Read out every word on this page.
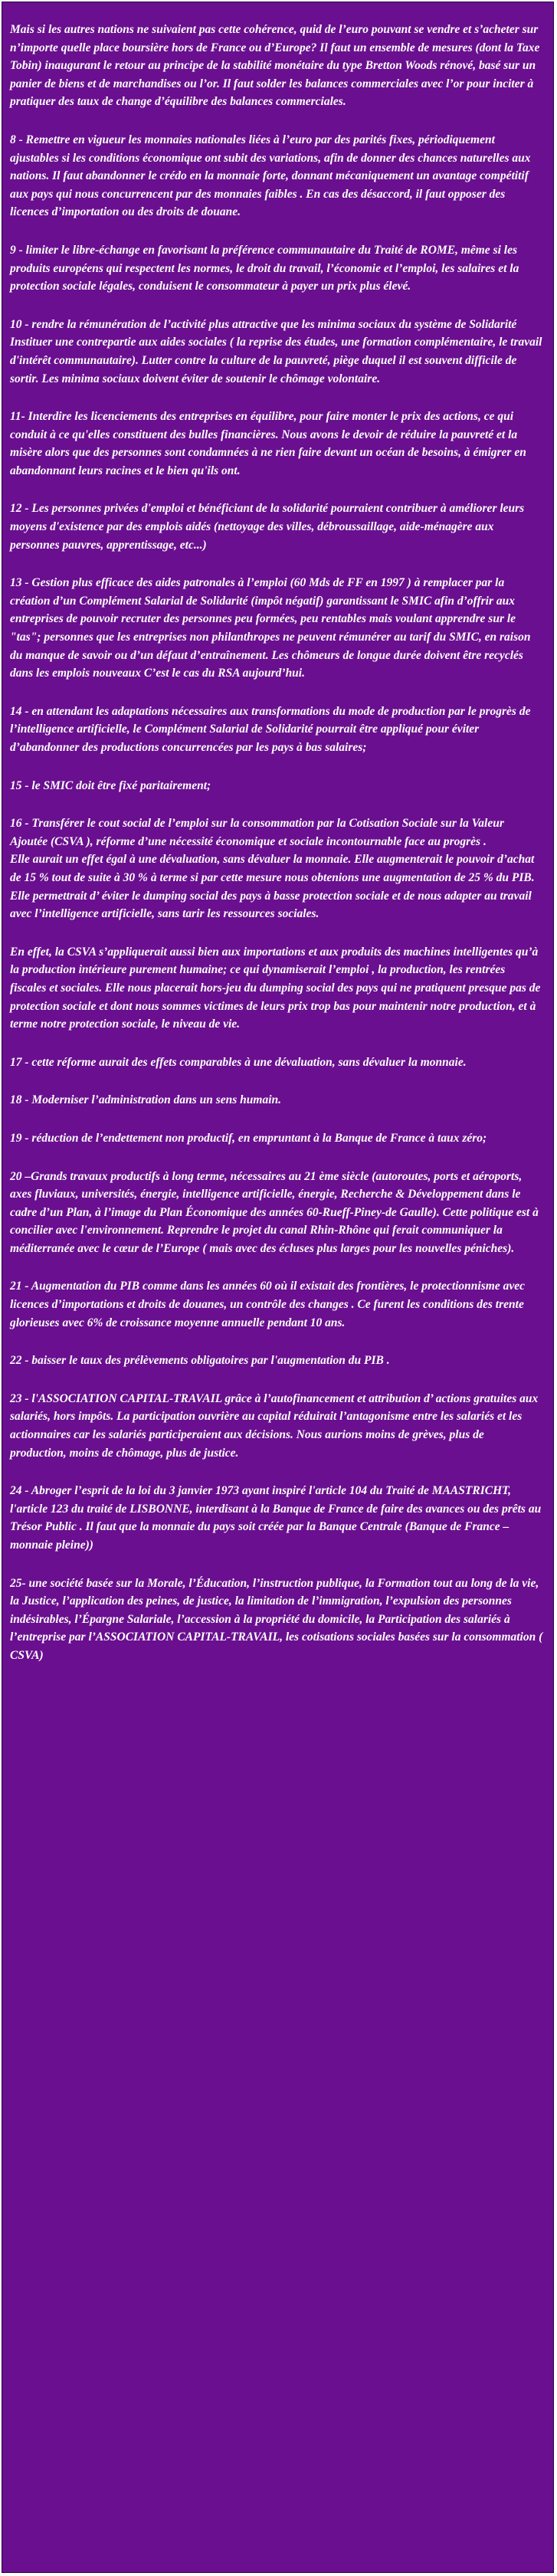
Mais si les autres nations ne suivaient pas cette cohérence, quid de l’euro pouvant se vendre et s’acheter sur n’importe quelle place boursière hors de France ou d’Europe? Il faut un ensemble de mesures (dont la Taxe Tobin) inaugurant le retour au principe de la stabilité monétaire du type Bretton Woods rénové, basé sur un panier de biens et de marchandises ou l’or. Il faut solder les balances commerciales avec l’or pour inciter à pratiquer des taux de change d’équilibre des balances commerciales.

8 - Remettre en vigueur les monnaies nationales liées à l’euro par des parités fixes, périodiquement ajustables si les conditions économique ont subit des variations, afin de donner des chances naturelles aux nations. Il faut abandonner le crédo en la monnaie forte, donnant mécaniquement un avantage compétitif aux pays qui nous concurrencent par des monnaies faibles . En cas des désaccord, il faut opposer des licences d’importation ou des droits de douane.

9 - limiter le libre-échange en favorisant la préférence communautaire du Traité de ROME, même si les produits européens qui respectent les normes, le droit du travail, l’économie et l’emploi, les salaires et la protection sociale légales, conduisent le consommateur à payer un prix plus élevé.

10 - rendre la rémunération de l’activité plus attractive que les minima sociaux du système de Solidarité Instituer une contrepartie aux aides sociales ( la reprise des études, une formation complémentaire, le travail d'intérêt communautaire). Lutter contre la culture de la pauvreté, piège duquel il est souvent difficile de sortir. Les minima sociaux doivent éviter de soutenir le chômage volontaire.

11- Interdire les licenciements des entreprises en équilibre, pour faire monter le prix des actions, ce qui conduit à ce qu'elles constituent des bulles financières. Nous avons le devoir de réduire la pauvreté et la misère alors que des personnes sont condamnées à ne rien faire devant un océan de besoins, à émigrer en abandonnant leurs racines et le bien qu'ils ont.

12 - Les personnes privées d'emploi et bénéficiant de la solidarité pourraient contribuer à améliorer leurs moyens d'existence par des emplois aidés (nettoyage des villes, débroussaillage, aide-ménagère aux personnes pauvres, apprentissage, etc...)

13 - Gestion plus efficace des aides patronales à l’emploi (60 Mds de FF en 1997 ) à remplacer par la création d’un Complément Salarial de Solidarité (impôt négatif) garantissant le SMIC afin d’offrir aux entreprises de pouvoir recruter des personnes peu formées, peu rentables mais voulant apprendre sur le "tas"; personnes que les entreprises non philanthropes ne peuvent rémunérer au tarif du SMIC, en raison du manque de savoir ou d’un défaut d’entraînement. Les chômeurs de longue durée doivent être recyclés dans les emplois nouveaux C’est le cas du RSA aujourd’hui.

14 - en attendant les adaptations nécessaires aux transformations du mode de production par le progrès de l’intelligence artificielle, le Complément Salarial de Solidarité pourrait être appliqué pour éviter d’abandonner des productions concurrencées par les pays à bas salaires;

15 - le SMIC doit être fixé paritairement;

16 - Transférer le cout social de l’emploi sur la consommation par la Cotisation Sociale sur la Valeur Ajoutée (CSVA ), réforme d’une nécessité économique et sociale incontournable face au progrès .
Elle aurait un effet égal à une dévaluation, sans dévaluer la monnaie. Elle augmenterait le pouvoir d’achat de 15 % tout de suite à 30 % à terme si par cette mesure nous obtenions une augmentation de 25 % du PIB. Elle permettrait d’ éviter le dumping social des pays à basse protection sociale et de nous adapter au travail avec l’intelligence artificielle, sans tarir les ressources sociales.

En effet, la CSVA s’appliquerait aussi bien aux importations et aux produits des machines intelligentes qu’à la production intérieure purement humaine; ce qui dynamiserait l’emploi , la production, les rentrées fiscales et sociales. Elle nous placerait hors-jeu du dumping social des pays qui ne pratiquent presque pas de protection sociale et dont nous sommes victimes de leurs prix trop bas pour maintenir notre production, et à terme notre protection sociale, le niveau de vie.

17 - cette réforme aurait des effets comparables à une dévaluation, sans dévaluer la monnaie.

18 - Moderniser l’administration dans un sens humain.

19 - réduction de l’endettement non productif, en empruntant à la Banque de France à taux zéro;

20 –Grands travaux productifs à long terme, nécessaires au 21 ème siècle (autoroutes, ports et aéroports, axes fluviaux, universités, énergie, intelligence artificielle, énergie, Recherche & Développement dans le cadre d’un Plan, à l’image du Plan Économique des années 60-Rueff-Piney-de Gaulle). Cette politique est à concilier avec l'environnement. Reprendre le projet du canal Rhin-Rhône qui ferait communiquer la méditerranée avec le cœur de l’Europe ( mais avec des écluses plus larges pour les nouvelles péniches).

21 - Augmentation du PIB comme dans les années 60 où il existait des frontières, le protectionnisme avec licences d’importations et droits de douanes, un contrôle des changes . Ce furent les conditions des trente glorieuses avec 6% de croissance moyenne annuelle pendant 10 ans.

22 - baisser le taux des prélèvements obligatoires par l'augmentation du PIB .

23 - l'ASSOCIATION CAPITAL-TRAVAIL grâce à l’autofinancement et attribution d’ actions gratuites aux salariés, hors impôts. La participation ouvrière au capital réduirait l’antagonisme entre les salariés et les actionnaires car les salariés participeraient aux décisions. Nous aurions moins de grèves, plus de production, moins de chômage, plus de justice.

24 - Abroger l’esprit de la loi du 3 janvier 1973 ayant inspiré l'article 104 du Traité de MAASTRICHT, l'article 123 du traité de LISBONNE, interdisant à la Banque de France de faire des avances ou des prêts au Trésor Public . Il faut que la monnaie du pays soit créée par la Banque Centrale (Banque de France – monnaie pleine))

25- une société basée sur la Morale, l’Éducation, l’instruction publique, la Formation tout au long de la vie, la Justice, l’application des peines, de justice, la limitation de l’immigration, l’expulsion des personnes indésirables, l’Épargne Salariale, l’accession à la propriété du domicile, la Participation des salariés à l’entreprise par l’ASSOCIATION CAPITAL-TRAVAIL, les cotisations sociales basées sur la consommation ( CSVA)
